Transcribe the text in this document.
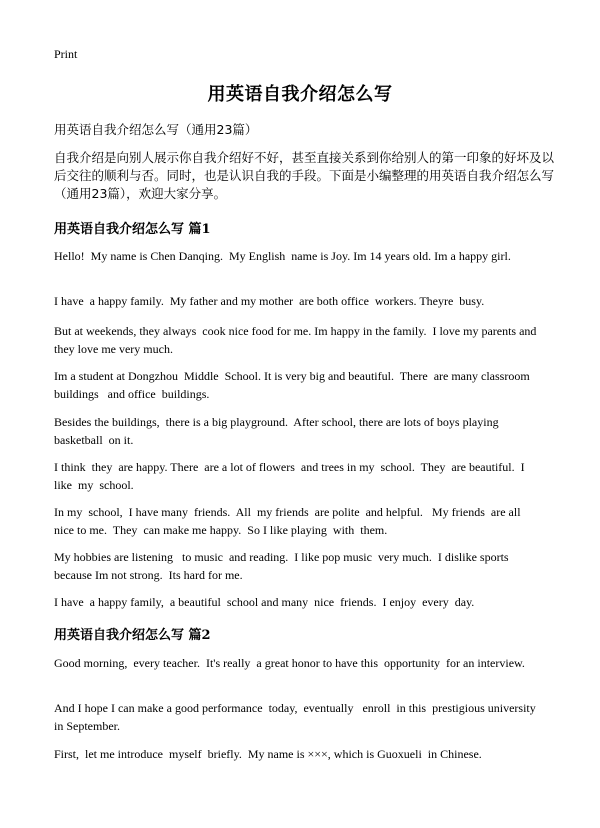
Print
用英语自我介绍怎么写
用英语自我介绍怎么写（通用23篇）
自我介绍是向别人展示你自我介绍好不好，甚至直接关系到你给别人的第一印象的好坏及以后交往的顺利与否。同时，也是认识自我的手段。下面是小编整理的用英语自我介绍怎么写（通用23篇），欢迎大家分享。
用英语自我介绍怎么写 篇1

Hello!  My name is Chen Danqing.  My English  name is Joy. Im 14 years old. Im a happy girl.

I have  a happy family.  My father and my mother  are both office  workers. Theyre  busy.

But at weekends, they always  cook nice food for me. Im happy in the family.  I love my parents and they love me very much.

Im a student at Dongzhou  Middle  School. It is very big and beautiful.  There  are many classroom  buildings   and office  buildings.

Besides the buildings,  there is a big playground.  After school, there are lots of boys playing  basketball  on it.

I think  they  are happy. There  are a lot of flowers  and trees in my  school.  They  are beautiful.  I like  my  school.

In my  school,  I have many  friends.  All  my friends  are polite  and helpful.   My friends  are all nice to me.  They  can make me happy.  So I like playing  with  them.

My hobbies are listening   to music  and reading.  I like pop music  very much.  I dislike sports because Im not strong.  Its hard for me.

I have  a happy family,  a beautiful  school and many  nice  friends.  I enjoy  every  day.

用英语自我介绍怎么写 篇2

Good morning,  every teacher.  It's really  a great honor to have this  opportunity  for an interview.

And I hope I can make a good performance  today,  eventually   enroll  in this  prestigious university   in September.

First,  let me introduce  myself  briefly.  My name is ×××, which is Guoxueli  in Chinese.
